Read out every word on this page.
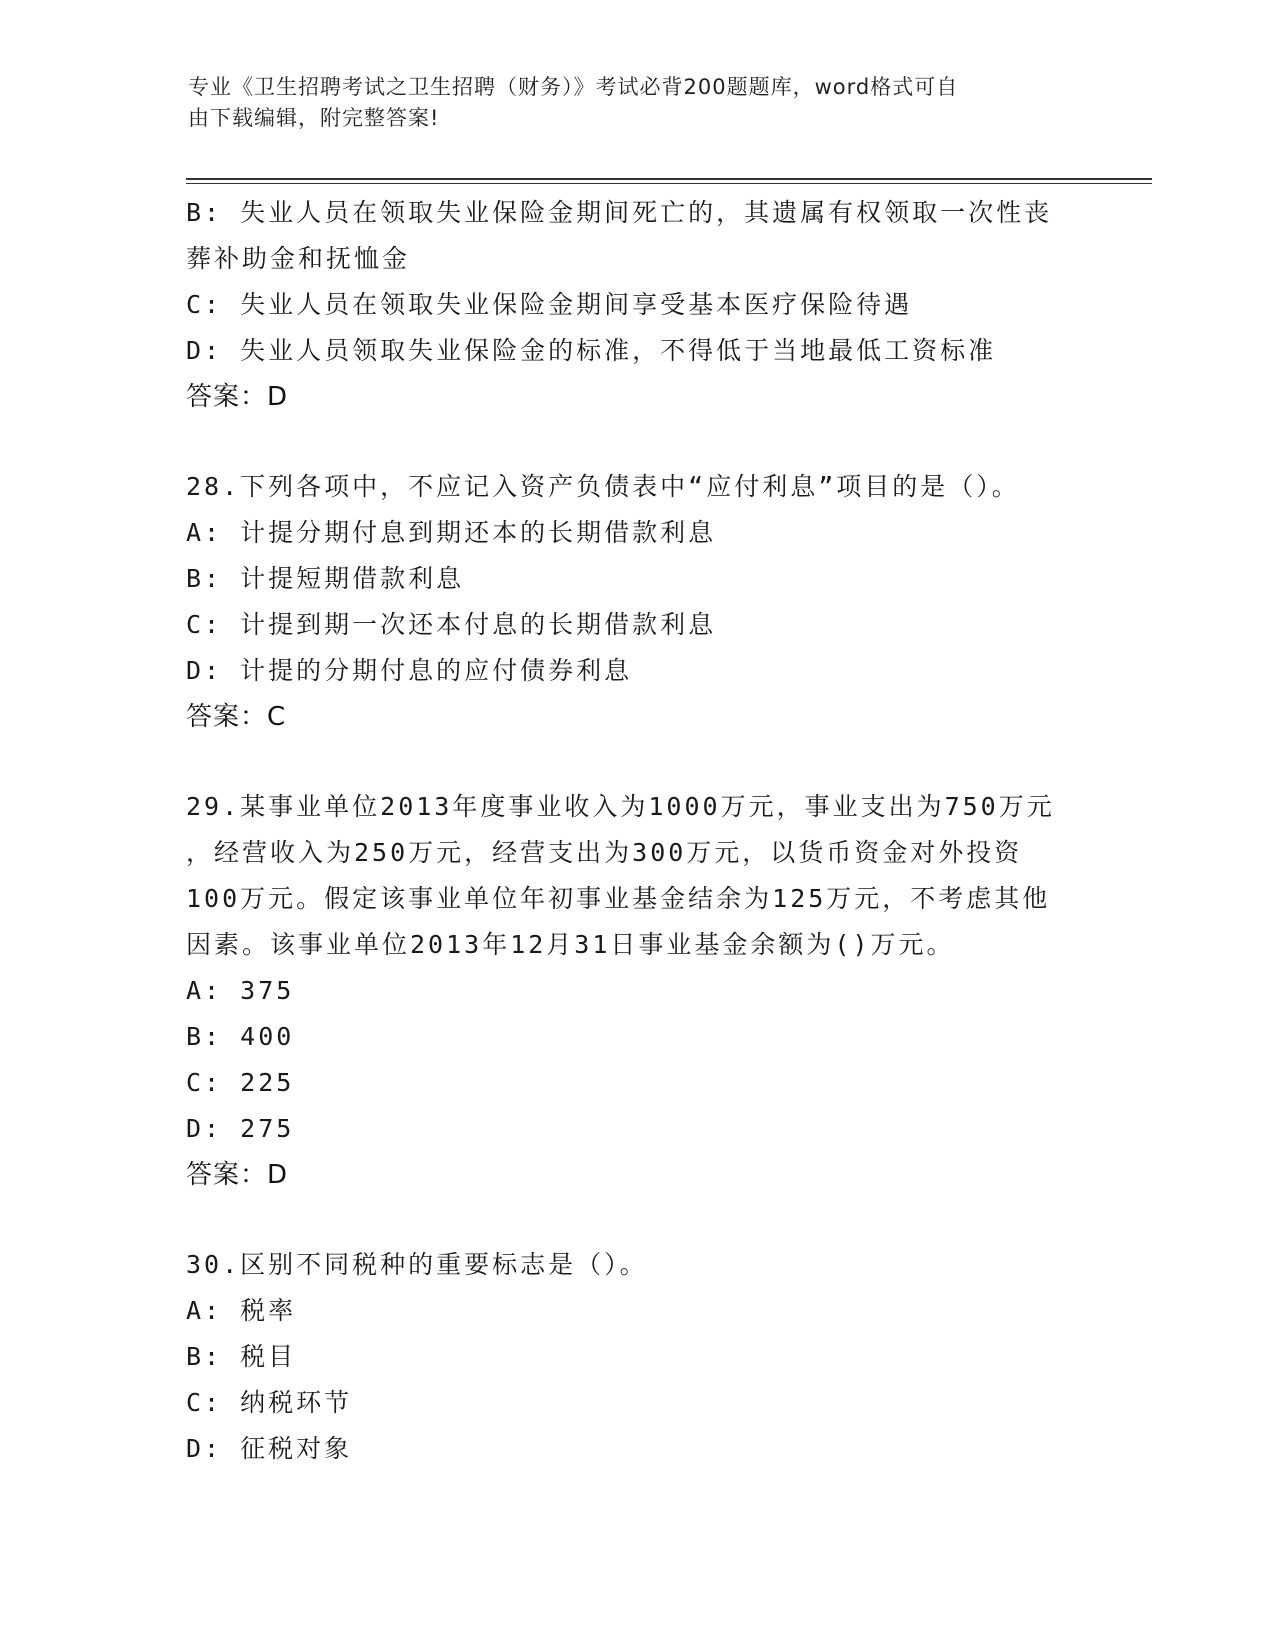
专业《卫生招聘考试之卫生招聘（财务）》考试必背200题题库，word格式可自
由下载编辑，附完整答案!
B: 失业人员在领取失业保险金期间死亡的，其遗属有权领取一次性丧
葬补助金和抚恤金
C: 失业人员在领取失业保险金期间享受基本医疗保险待遇
D: 失业人员领取失业保险金的标准，不得低于当地最低工资标准
答案：D
28.下列各项中，不应记入资产负债表中“应付利息”项目的是（）。
A: 计提分期付息到期还本的长期借款利息
B: 计提短期借款利息
C: 计提到期一次还本付息的长期借款利息
D: 计提的分期付息的应付债券利息
答案：C
29.某事业单位2013年度事业收入为1000万元，事业支出为750万元
，经营收入为250万元，经营支出为300万元，以货币资金对外投资
100万元。假定该事业单位年初事业基金结余为125万元，不考虑其他
因素。该事业单位2013年12月31日事业基金余额为()万元。
A: 375
B: 400
C: 225
D: 275
答案：D
30.区别不同税种的重要标志是（）。
A: 税率
B: 税目
C: 纳税环节
D: 征税对象
